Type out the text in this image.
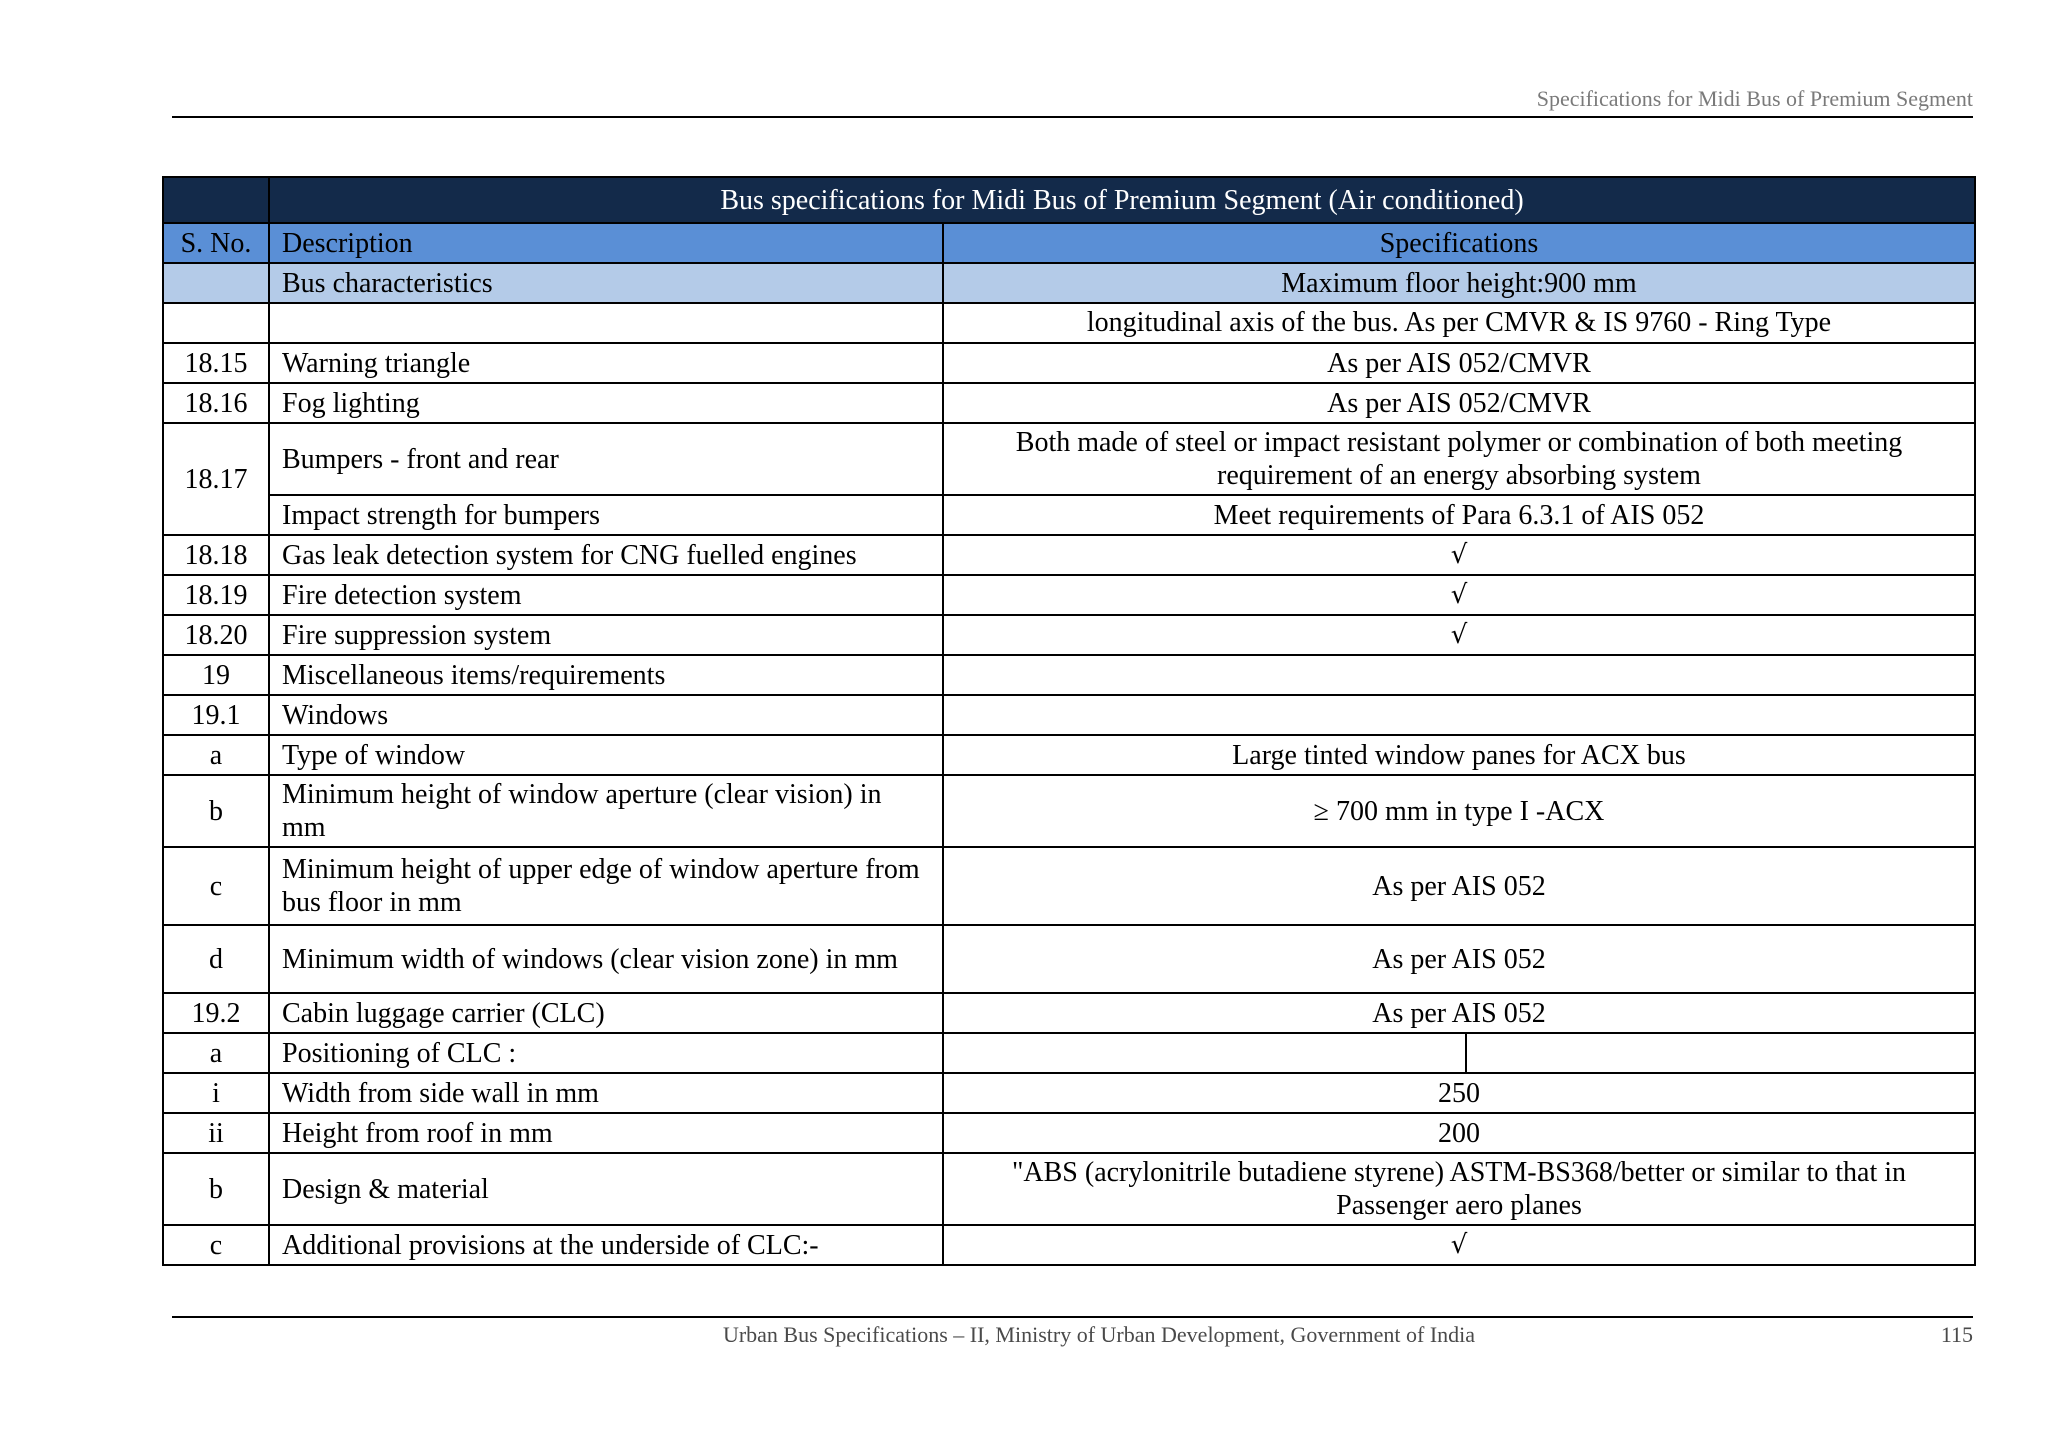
Specifications for Midi Bus of Premium Segment
	Bus specifications for Midi Bus of Premium Segment (Air conditioned)	
S. No.	Description	Specifications
	Bus characteristics	Maximum floor height:900 mm
		longitudinal axis of the bus. As per CMVR & IS 9760 - Ring Type
18.15	Warning triangle	As per AIS 052/CMVR
18.16	Fog lighting	As per AIS 052/CMVR
18.17	Bumpers - front and rear	Both made of steel or impact resistant polymer or combination of both meeting requirement of an energy absorbing system
	Impact strength for bumpers	Meet requirements of Para 6.3.1 of AIS 052
18.18	Gas leak detection system for CNG fuelled engines	√
18.19	Fire detection system	√
18.20	Fire suppression system	√
19	Miscellaneous items/requirements	
19.1	Windows	
a	Type of window	Large tinted window panes for ACX bus
b	Minimum height of window aperture (clear vision) in mm	≥ 700 mm in type I -ACX
c	Minimum height of upper edge of window aperture from bus floor in mm	As per AIS 052
d	Minimum width of windows (clear vision zone) in mm	As per AIS 052
19.2	Cabin luggage carrier (CLC)	As per AIS 052
a	Positioning of CLC :	

i	Width from side wall in mm	250
ii	Height from roof in mm	200
b	Design & material	"ABS (acrylonitrile butadiene styrene) ASTM-BS368/better or similar to that in Passenger aero planes
c	Additional provisions at the underside of CLC:-	√
Urban Bus Specifications – II, Ministry of Urban Development, Government of India	115
